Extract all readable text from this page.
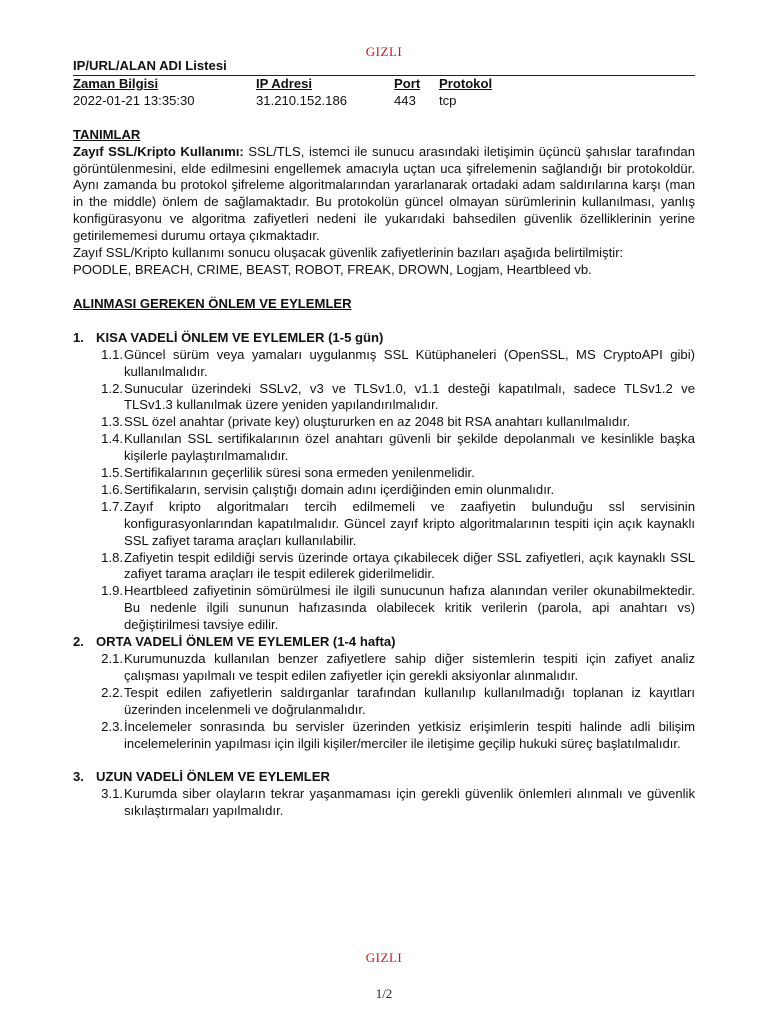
GIZLI
IP/URL/ALAN ADI Listesi
Zaman Bilgisi	IP Adresi	Port	Protokol
2022-01-21 13:35:30	31.210.152.186	443	tcp
TANIMLAR
Zayıf SSL/Kripto Kullanımı: SSL/TLS, istemci ile sunucu arasındaki iletişimin üçüncü şahıslar tarafından görüntülenmesini, elde edilmesini engellemek amacıyla uçtan uca şifrelemenin sağlandığı bir protokoldür. Aynı zamanda bu protokol şifreleme algoritmalarından yararlanarak ortadaki adam saldırılarına karşı (man in the middle) önlem de sağlamaktadır. Bu protokolün güncel olmayan sürümlerinin kullanılması, yanlış konfigürasyonu ve algoritma zafiyetleri nedeni ile yukarıdaki bahsedilen güvenlik özelliklerinin yerine getirilememesi durumu ortaya çıkmaktadır.
Zayıf SSL/Kripto kullanımı sonucu oluşacak güvenlik zafiyetlerinin bazıları aşağıda belirtilmiştir:
POODLE, BREACH, CRIME, BEAST, ROBOT, FREAK, DROWN, Logjam, Heartbleed vb.
ALINMASI GEREKEN ÖNLEM VE EYLEMLER
1. KISA VADELİ ÖNLEM VE EYLEMLER (1-5 gün)
1.1. Güncel sürüm veya yamaları uygulanmış SSL Kütüphaneleri (OpenSSL, MS CryptoAPI gibi) kullanılmalıdır.
1.2. Sunucular üzerindeki SSLv2, v3 ve TLSv1.0, v1.1 desteği kapatılmalı, sadece TLSv1.2 ve TLSv1.3 kullanılmak üzere yeniden yapılandırılmalıdır.
1.3. SSL özel anahtar (private key) oluştururken en az 2048 bit RSA anahtarı kullanılmalıdır.
1.4. Kullanılan SSL sertifikalarının özel anahtarı güvenli bir şekilde depolanmalı ve kesinlikle başka kişilerle paylaştırılmamalıdır.
1.5. Sertifikalarının geçerlilik süresi sona ermeden yenilenmelidir.
1.6. Sertifikaların, servisin çalıştığı domain adını içerdiğinden emin olunmalıdır.
1.7. Zayıf kripto algoritmaları tercih edilmemeli ve zaafiyetin bulunduğu ssl servisinin konfigurasyonlarından kapatılmalıdır. Güncel zayıf kripto algoritmalarının tespiti için açık kaynaklı SSL zafiyet tarama araçları kullanılabilir.
1.8. Zafiyetin tespit edildiği servis üzerinde ortaya çıkabilecek diğer SSL zafiyetleri, açık kaynaklı SSL zafiyet tarama araçları ile tespit edilerek giderilmelidir.
1.9. Heartbleed zafiyetinin sömürülmesi ile ilgili sunucunun hafıza alanından veriler okunabilmektedir. Bu nedenle ilgili sununun hafızasında olabilecek kritik verilerin (parola, api anahtarı vs) değiştirilmesi tavsiye edilir.
2. ORTA VADELİ ÖNLEM VE EYLEMLER (1-4 hafta)
2.1. Kurumunuzda kullanılan benzer zafiyetlere sahip diğer sistemlerin tespiti için zafiyet analiz çalışması yapılmalı ve tespit edilen zafiyetler için gerekli aksiyonlar alınmalıdır.
2.2. Tespit edilen zafiyetlerin saldırganlar tarafından kullanılıp kullanılmadığı toplanan iz kayıtları üzerinden incelenmeli ve doğrulanmalıdır.
2.3. İncelemeler sonrasında bu servisler üzerinden yetkisiz erişimlerin tespiti halinde adli bilişim incelemelerinin yapılması için ilgili kişiler/merciler ile iletişime geçilip hukuki süreç başlatılmalıdır.
3. UZUN VADELİ ÖNLEM VE EYLEMLER
3.1. Kurumda siber olayların tekrar yaşanmaması için gerekli güvenlik önlemleri alınmalı ve güvenlik sıkılaştırmaları yapılmalıdır.
GIZLI
1/2
